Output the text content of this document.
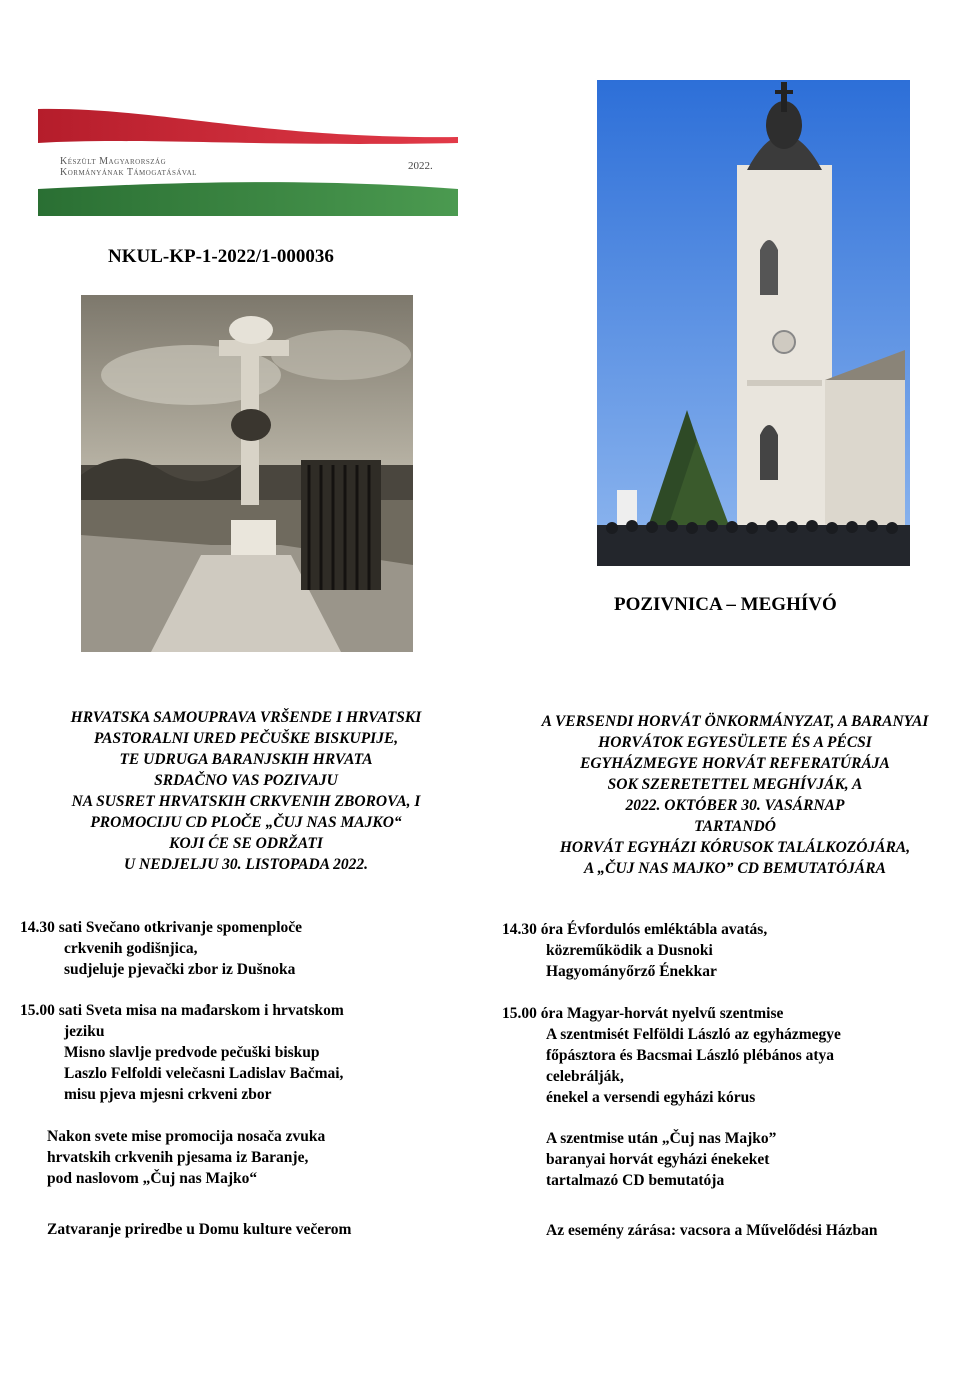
Készült Magyarország
Kormányának Támogatásával
2022.
NKUL-KP-1-2022/1-000036
POZIVNICA – MEGHÍVÓ
HRVATSKA SAMOUPRAVA VRŠENDE I HRVATSKI
PASTORALNI URED PEČUŠKE BISKUPIJE,
TE UDRUGA BARANJSKIH HRVATA
SRDAČNO VAS POZIVAJU
NA SUSRET HRVATSKIH CRKVENIH ZBOROVA, I
PROMOCIJU CD PLOČE „ČUJ NAS MAJKO“
KOJI ĆE SE ODRŽATI
U NEDJELJU 30. LISTOPADA 2022.
A VERSENDI HORVÁT ÖNKORMÁNYZAT, A BARANYAI
HORVÁTOK EGYESÜLETE ÉS A PÉCSI
EGYHÁZMEGYE HORVÁT REFERATÚRÁJA
SOK SZERETETTEL MEGHÍVJÁK, A
2022. OKTÓBER 30. VASÁRNAP
TARTANDÓ
HORVÁT EGYHÁZI KÓRUSOK TALÁLKOZÓJÁRA,
A „ČUJ NAS MAJKO” CD BEMUTATÓJÁRA
14.30 sati Svečano otkrivanje spomenploče
crkvenih godišnjica,
sudjeluje pjevački zbor iz Dušnoka
15.00 sati Sveta misa na mađarskom i hrvatskom
jeziku
Misno slavlje predvode pečuški biskup
Laszlo Felfoldi velečasni Ladislav Bačmai,
misu pjeva mjesni crkveni zbor
Nakon svete mise promocija nosača zvuka
hrvatskih crkvenih pjesama iz Baranje,
pod naslovom „Čuj nas Majko“
Zatvaranje priredbe u Domu kulture večerom
14.30 óra Évfordulós emléktábla avatás,
közreműködik a Dusnoki
Hagyományőrző Énekkar
15.00 óra Magyar-horvát nyelvű szentmise
A szentmisét Felföldi László az egyházmegye
főpásztora és Bacsmai László plébános atya
celebrálják,
énekel a versendi egyházi kórus
A szentmise után „Čuj nas Majko”
baranyai horvát egyházi énekeket
tartalmazó CD bemutatója
Az esemény zárása: vacsora a Művelődési Házban
